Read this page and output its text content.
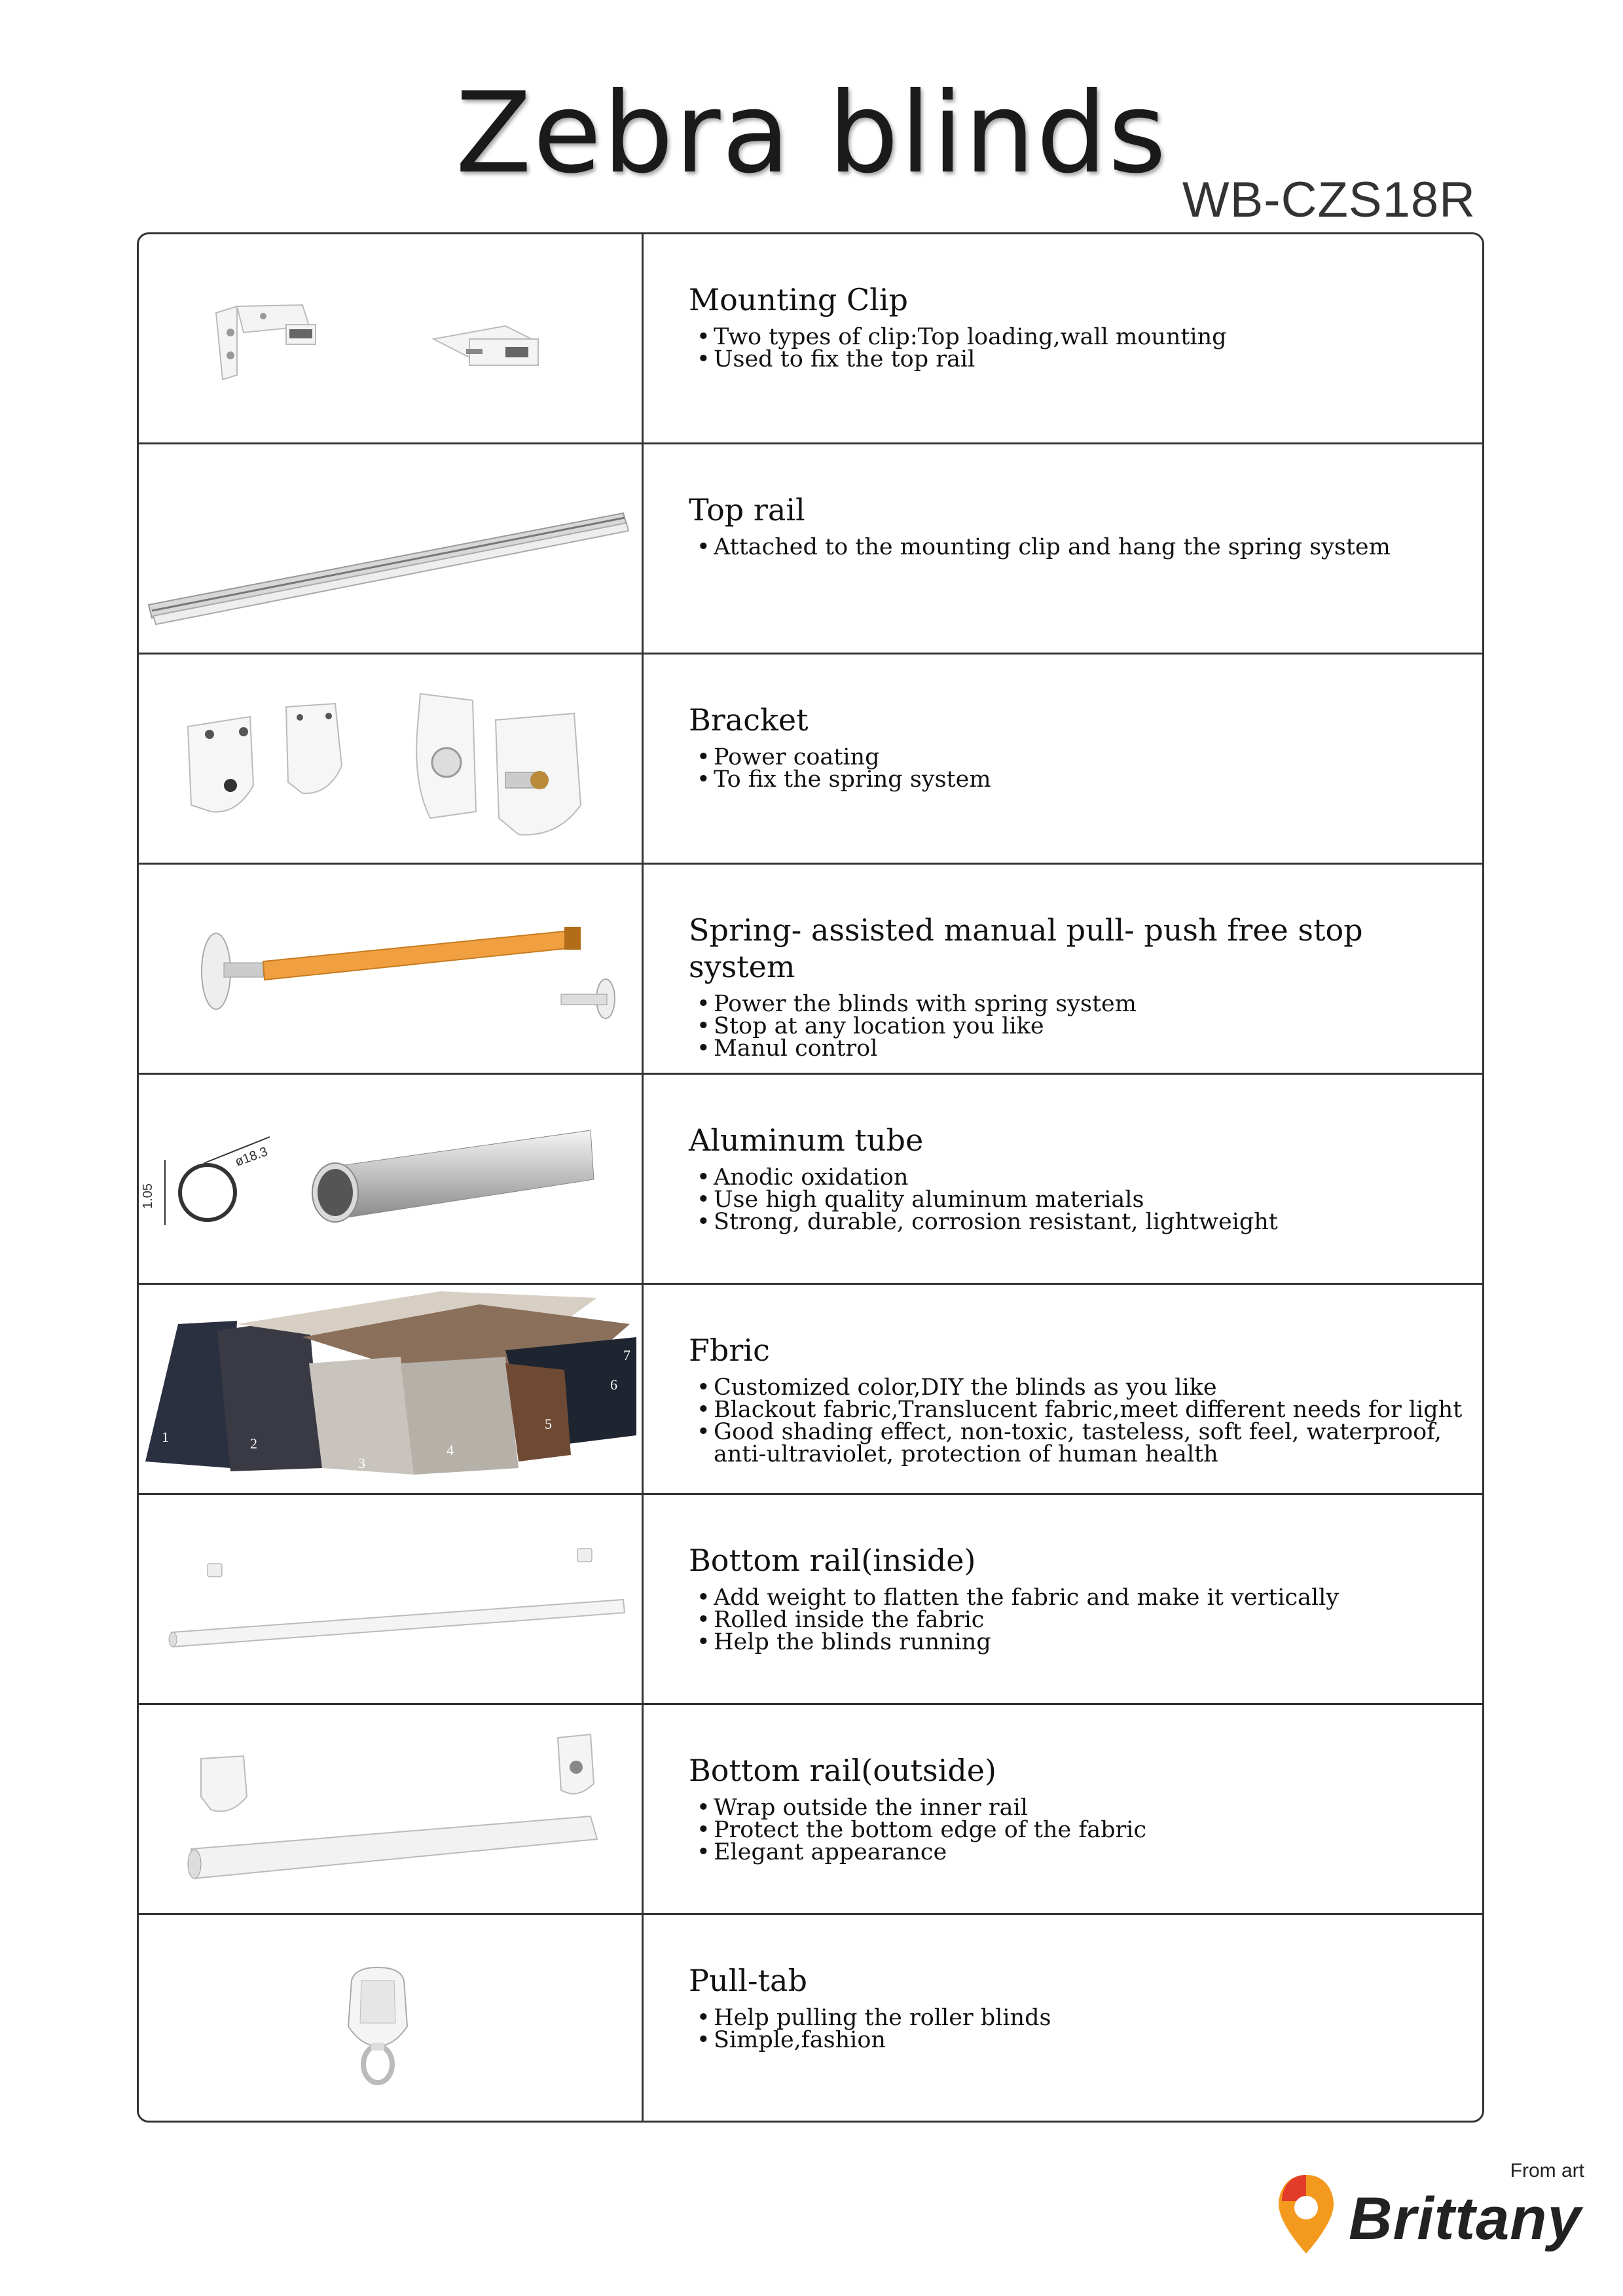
Zebra blinds
WB-CZS18R
Mounting Clip
• Two types of clip:Top loading,wall mounting
• Used to fix the top rail
Top rail
• Attached to the mounting clip and hang the spring system
Bracket
• Power coating
• To fix the spring system
Spring- assisted manual pull- push free stop system
• Power the blinds with spring system
• Stop at any location you like
• Manul control
1.05
ø18.3	Aluminum tube
• Anodic oxidation
• Use high quality aluminum materials
• Strong, durable, corrosion resistant, lightweight
1	2
3
4
5
6
7 Fbric
• Customized color,DIY the blinds as you like
• Blackout fabric,Translucent fabric,meet different needs for light
• Good shading effect, non-toxic, tasteless, soft feel, waterproof, anti-ultraviolet, protection of human health
Bottom rail(inside)
• Add weight to flatten the fabric and make it vertically
• Rolled inside the fabric
• Help the blinds running
Bottom rail(outside)
• Wrap outside the inner rail
• Protect the bottom edge of the fabric
• Elegant appearance
Pull-tab
• Help pulling the roller blinds
• Simple,fashion
From art
Brittany
